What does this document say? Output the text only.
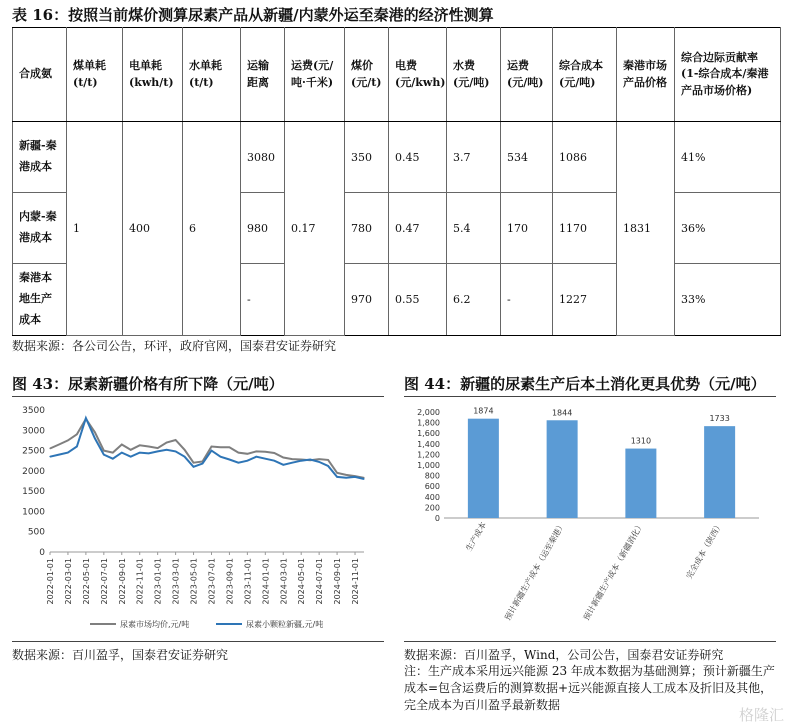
表 16：按照当前煤价测算尿素产品从新疆/内蒙外运至秦港的经济性测算
合成氨	煤单耗 (t/t)	电单耗 (kwh/t)	水单耗 (t/t)	运输距离	运费(元/吨·千米)	煤价 (元/t)	电费 (元/kwh)	水费 (元/吨)	运费 (元/吨)	综合成本 (元/吨)	秦港市场产品价格	综合边际贡献率(1-综合成本/秦港产品市场价格)
新疆-秦港成本	1	400	6	3080	0.17	350	0.45	3.7	534	1086	1831	41%
内蒙-秦港成本				980		780	0.47	5.4	170	1170		36%
秦港本地生产成本				-		970	0.55	6.2	-	1227		33%
数据来源：各公司公告，环评，政府官网，国泰君安证券研究
图 43：尿素新疆价格有所下降（元/吨）	图 44：新疆的尿素生产后本土消化更具优势（元/吨）
0
500
1000
1500
2000
2500
3000
3500
2022-01-01 2022-03-01 2022-05-01 2022-07-01 2022-09-01 2022-11-01 2023-01-01 2023-03-01 2023-05-01 2023-07-01 2023-09-01 2023-11-01 2024-01-01 2024-03-01 2024-05-01 2024-07-01 2024-09-01 2024-11-01
尿素市场均价,元/吨	尿素小颗粒新疆,元/吨
0
200
400
600
800
1,000
1,200
1,400
1,600
1,800
2,000	1874
生产成本
1844
预计新疆生产成本（运至秦港）
1310
预计新疆生产成本（新疆消化）
1733
完全成本（陕西）
数据来源：百川盈孚，国泰君安证券研究	数据来源：百川盈孚，Wind，公司公告，国泰君安证券研究
注：生产成本采用远兴能源 23 年成本数据为基础测算；预计新疆生产成本=包含运费后的测算数据+远兴能源直接人工成本及折旧及其他，完全成本为百川盈孚最新数据
格隆汇
